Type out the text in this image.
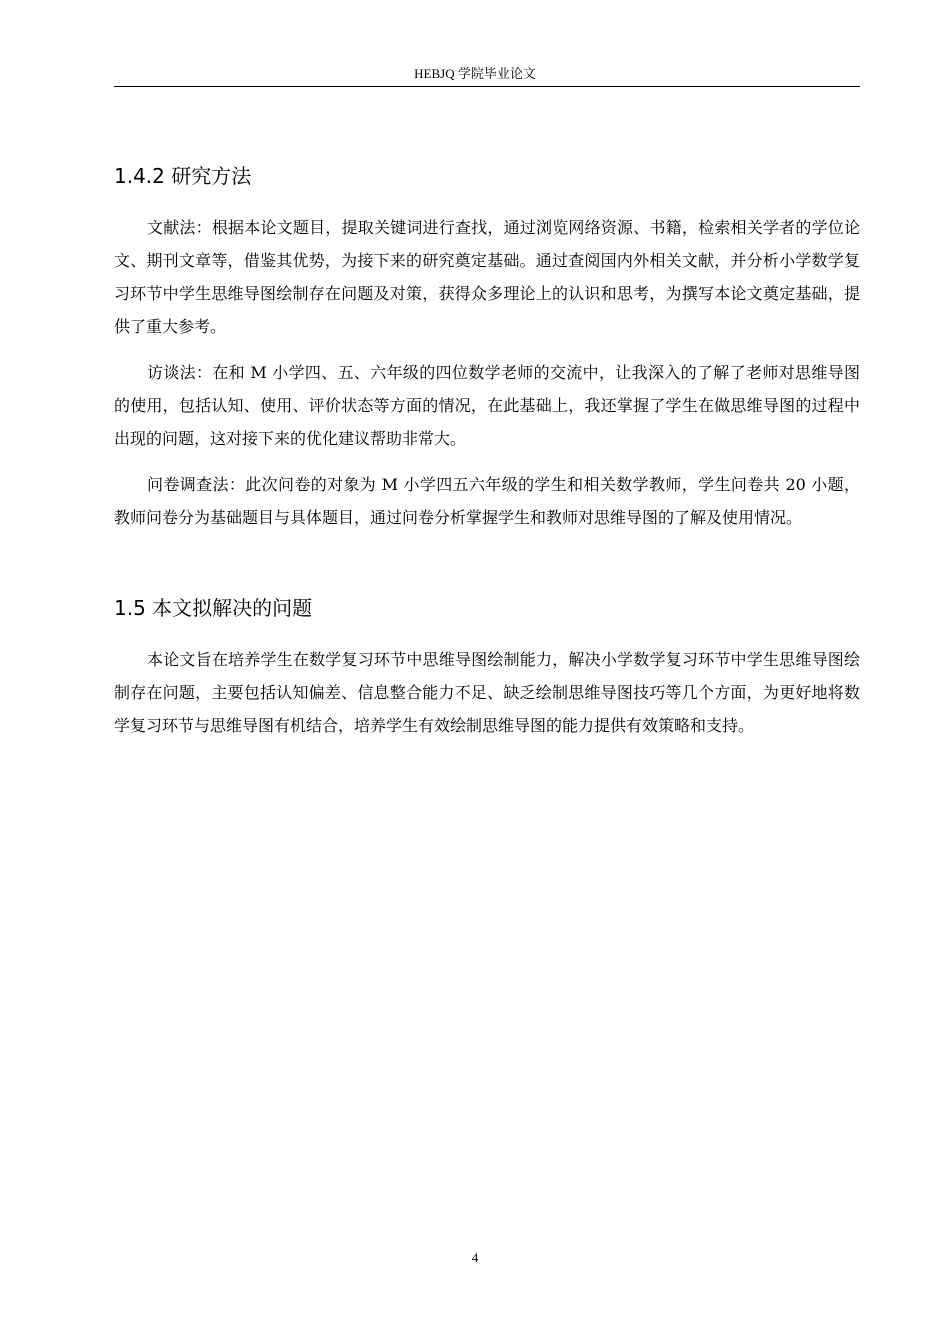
HEBJQ 学院毕业论文
1.4.2 研究方法

文献法：根据本论文题目，提取关键词进行查找，通过浏览网络资源、书籍，检索相关学者的学位论文、期刊文章等，借鉴其优势，为接下来的研究奠定基础。通过查阅国内外相关文献，并分析小学数学复习环节中学生思维导图绘制存在问题及对策，获得众多理论上的认识和思考，为撰写本论文奠定基础，提供了重大参考。

访谈法：在和 M 小学四、五、六年级的四位数学老师的交流中，让我深入的了解了老师对思维导图的使用，包括认知、使用、评价状态等方面的情况，在此基础上，我还掌握了学生在做思维导图的过程中出现的问题，这对接下来的优化建议帮助非常大。

问卷调查法：此次问卷的对象为 M 小学四五六年级的学生和相关数学教师，学生问卷共 20 小题，教师问卷分为基础题目与具体题目，通过问卷分析掌握学生和教师对思维导图的了解及使用情况。

1.5 本文拟解决的问题

本论文旨在培养学生在数学复习环节中思维导图绘制能力，解决小学数学复习环节中学生思维导图绘制存在问题，主要包括认知偏差、信息整合能力不足、缺乏绘制思维导图技巧等几个方面，为更好地将数学复习环节与思维导图有机结合，培养学生有效绘制思维导图的能力提供有效策略和支持。

4
